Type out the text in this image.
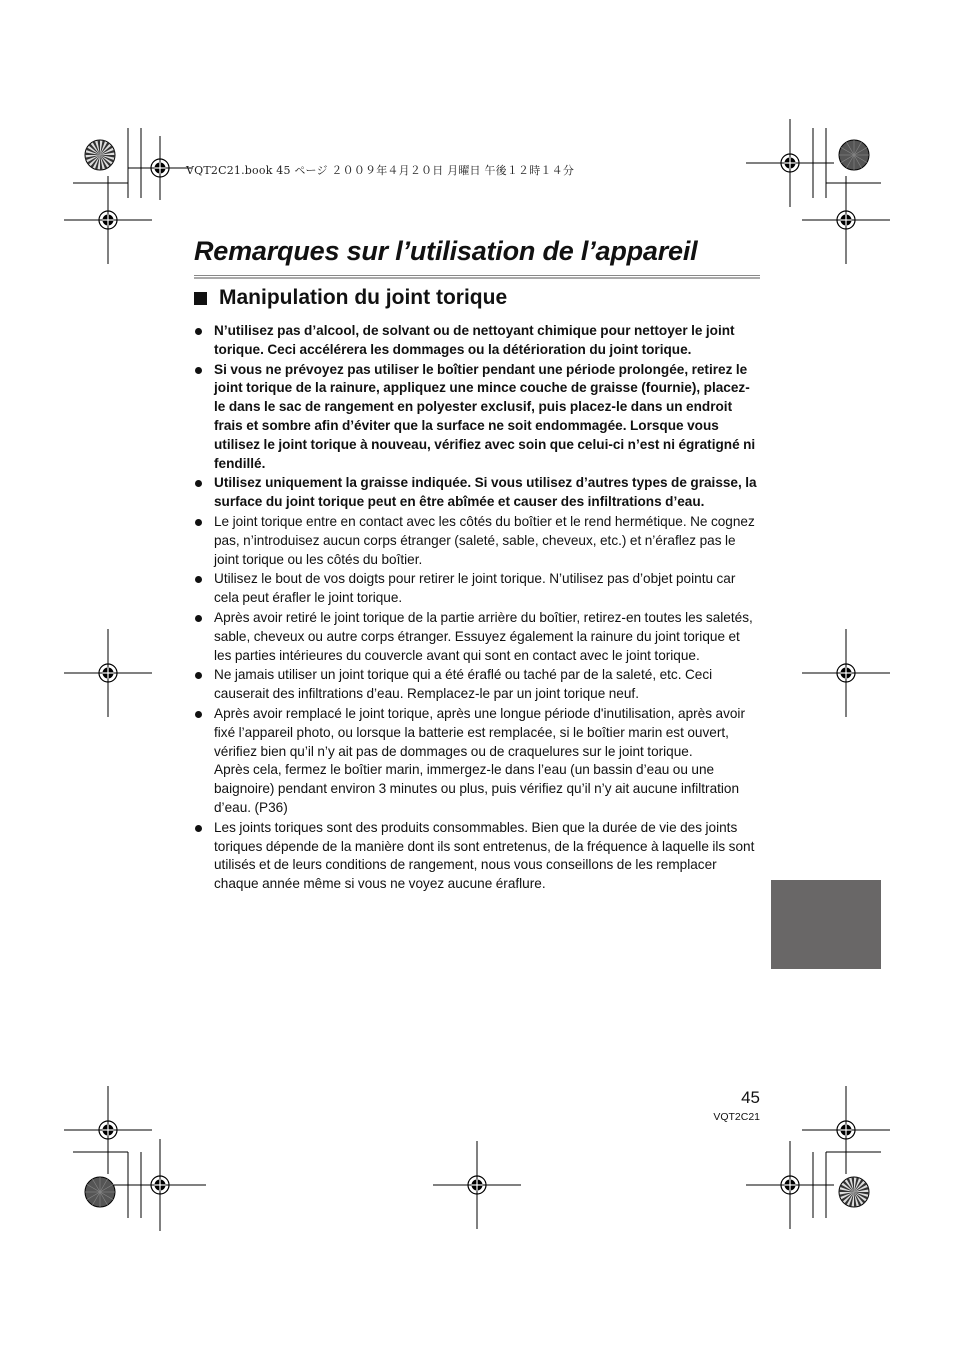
VQT2C21.book 45 ページ ２００９年４月２０日 月曜日 午後１２時１４分
Remarques sur l’utilisation de l’appareil
Manipulation du joint torique
N’utilisez pas d’alcool, de solvant ou de nettoyant chimique pour nettoyer le joint torique. Ceci accélérera les dommages ou la détérioration du joint torique.
Si vous ne prévoyez pas utiliser le boîtier pendant une période prolongée, retirez le joint torique de la rainure, appliquez une mince couche de graisse (fournie), placez-le dans le sac de rangement en polyester exclusif, puis placez-le dans un endroit frais et sombre afin d’éviter que la surface ne soit endommagée. Lorsque vous utilisez le joint torique à nouveau, vérifiez avec soin que celui-ci n’est ni égratigné ni fendillé.
Utilisez uniquement la graisse indiquée. Si vous utilisez d’autres types de graisse, la surface du joint torique peut en être abîmée et causer des infiltrations d’eau.
Le joint torique entre en contact avec les côtés du boîtier et le rend hermétique. Ne cognez pas, n’introduisez aucun corps étranger (saleté, sable, cheveux, etc.) et n’éraflez pas le joint torique ou les côtés du boîtier.
Utilisez le bout de vos doigts pour retirer le joint torique. N’utilisez pas d’objet pointu car cela peut érafler le joint torique.
Après avoir retiré le joint torique de la partie arrière du boîtier, retirez-en toutes les saletés, sable, cheveux ou autre corps étranger. Essuyez également la rainure du joint torique et les parties intérieures du couvercle avant qui sont en contact avec le joint torique.
Ne jamais utiliser un joint torique qui a été éraflé ou taché par de la saleté, etc. Ceci causerait des infiltrations d’eau. Remplacez-le par un joint torique neuf.
Après avoir remplacé le joint torique, après une longue période d'inutilisation, après avoir fixé l’appareil photo, ou lorsque la batterie est remplacée, si le boîtier marin est ouvert, vérifiez bien qu’il n’y ait pas de dommages ou de craquelures sur le joint torique.
Après cela, fermez le boîtier marin, immergez-le dans l’eau (un bassin d’eau ou une baignoire) pendant environ 3 minutes ou plus, puis vérifiez qu’il n’y ait aucune infiltration d’eau. (P36)
Les joints toriques sont des produits consommables. Bien que la durée de vie des joints toriques dépende de la manière dont ils sont entretenus, de la fréquence à laquelle ils sont utilisés et de leurs conditions de rangement, nous vous conseillons de les remplacer chaque année même si vous ne voyez aucune éraflure.
45
VQT2C21
